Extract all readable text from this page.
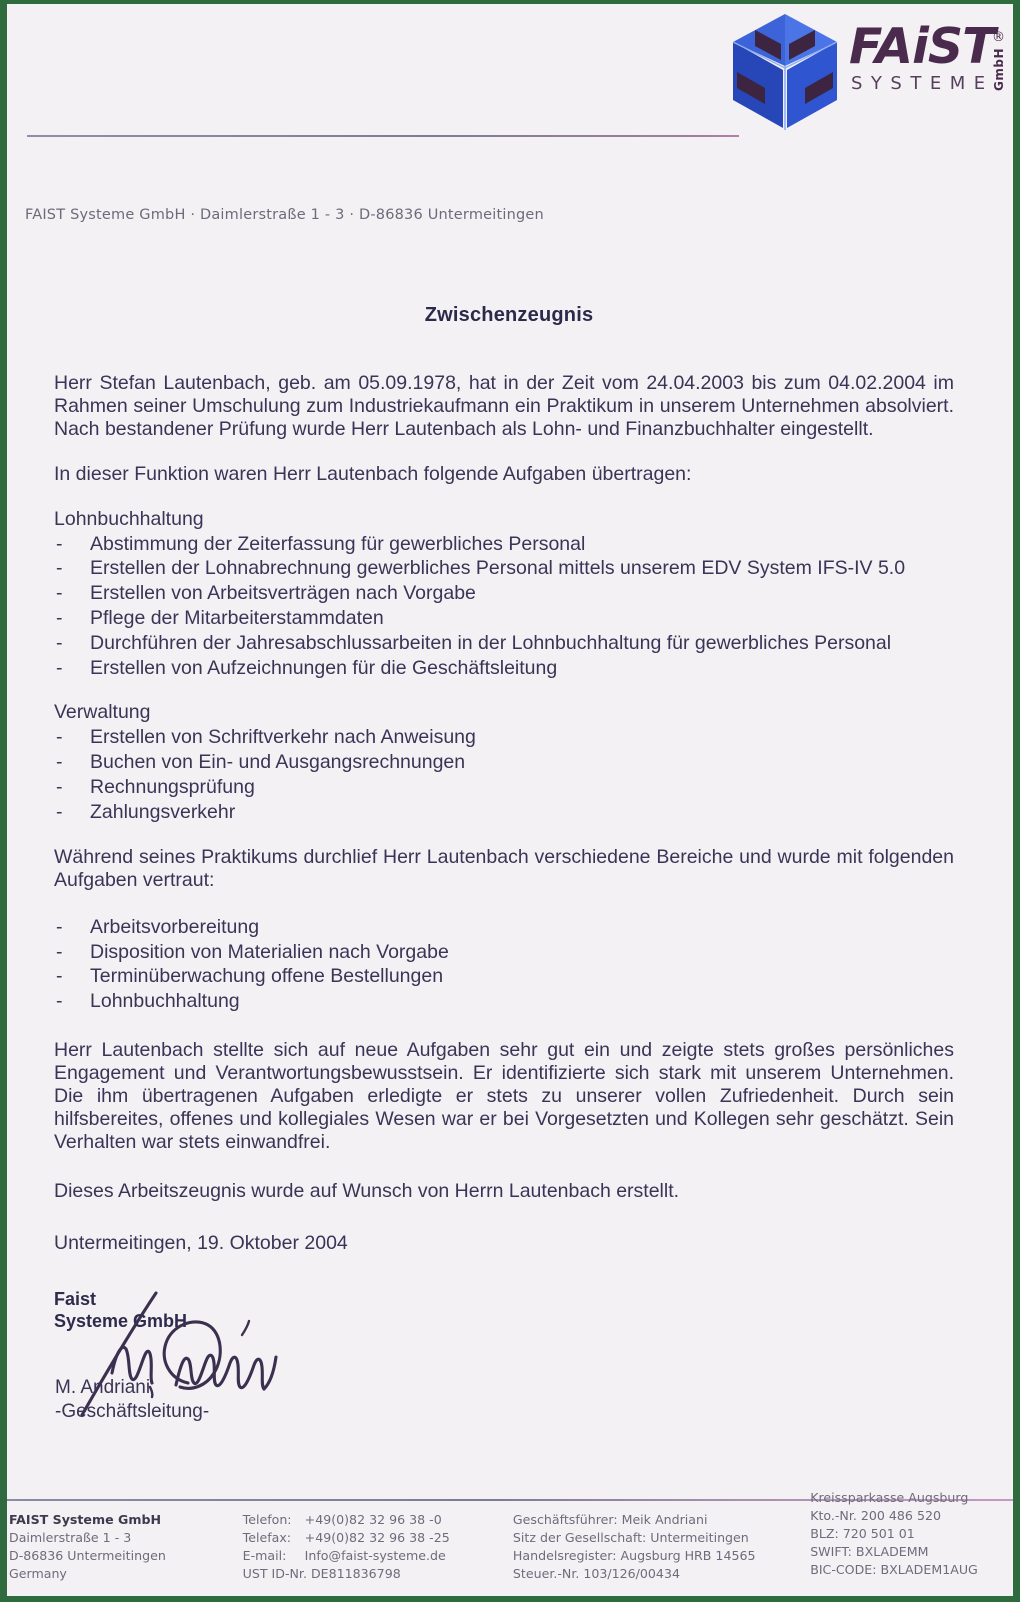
FAiST
®
GmbH
SYSTEME
FAIST Systeme GmbH · Daimlerstraße 1 - 3 · D-86836 Untermeitingen
Zwischenzeugnis

Herr Stefan Lautenbach, geb. am 05.09.1978, hat in der Zeit vom 24.04.2003 bis zum 04.02.2004 im Rahmen seiner Umschulung zum Industriekaufmann ein Praktikum in unserem Unternehmen absolviert. Nach bestandener Prüfung wurde Herr Lautenbach als Lohn- und Finanzbuchhalter eingestellt.

In dieser Funktion waren Herr Lautenbach folgende Aufgaben übertragen:

Lohnbuchhaltung
- Abstimmung der Zeiterfassung für gewerbliches Personal
- Erstellen der Lohnabrechnung gewerbliches Personal mittels unserem EDV System IFS-IV 5.0
- Erstellen von Arbeitsverträgen nach Vorgabe
- Pflege der Mitarbeiterstammdaten
- Durchführen der Jahresabschlussarbeiten in der Lohnbuchhaltung für gewerbliches Personal
- Erstellen von Aufzeichnungen für die Geschäftsleitung
Verwaltung
- Erstellen von Schriftverkehr nach Anweisung
- Buchen von Ein- und Ausgangsrechnungen
- Rechnungsprüfung
- Zahlungsverkehr

Während seines Praktikums durchlief Herr Lautenbach verschiedene Bereiche und wurde mit folgenden Aufgaben vertraut:

- Arbeitsvorbereitung
- Disposition von Materialien nach Vorgabe
- Terminüberwachung offene Bestellungen
- Lohnbuchhaltung

Herr Lautenbach stellte sich auf neue Aufgaben sehr gut ein und zeigte stets großes persönliches Engagement und Verantwortungsbewusstsein. Er identifizierte sich stark mit unserem Unternehmen. Die ihm übertragenen Aufgaben erledigte er stets zu unserer vollen Zufriedenheit. Durch sein hilfsbereites, offenes und kollegiales Wesen war er bei Vorgesetzten und Kollegen sehr geschätzt. Sein Verhalten war stets einwandfrei.

Dieses Arbeitszeugnis wurde auf Wunsch von Herrn Lautenbach erstellt.

Untermeitingen, 19. Oktober 2004
Faist
Systeme GmbH
M. Andriani
-Geschäftsleitung-
FAIST Systeme GmbH
Daimlerstraße 1 - 3
D-86836 Untermeitingen
Germany
Telefon: +49(0)82 32 96 38 -0
Telefax: +49(0)82 32 96 38 -25
E-mail: Info@faist-systeme.de
UST ID-Nr. DE811836798
Geschäftsführer: Meik Andriani
Sitz der Gesellschaft: Untermeitingen
Handelsregister: Augsburg HRB 14565
Steuer.-Nr. 103/126/00434
Kreissparkasse Augsburg
Kto.-Nr. 200 486 520
BLZ: 720 501 01
SWIFT: BXLADEMM
BIC-CODE: BXLADEM1AUG
